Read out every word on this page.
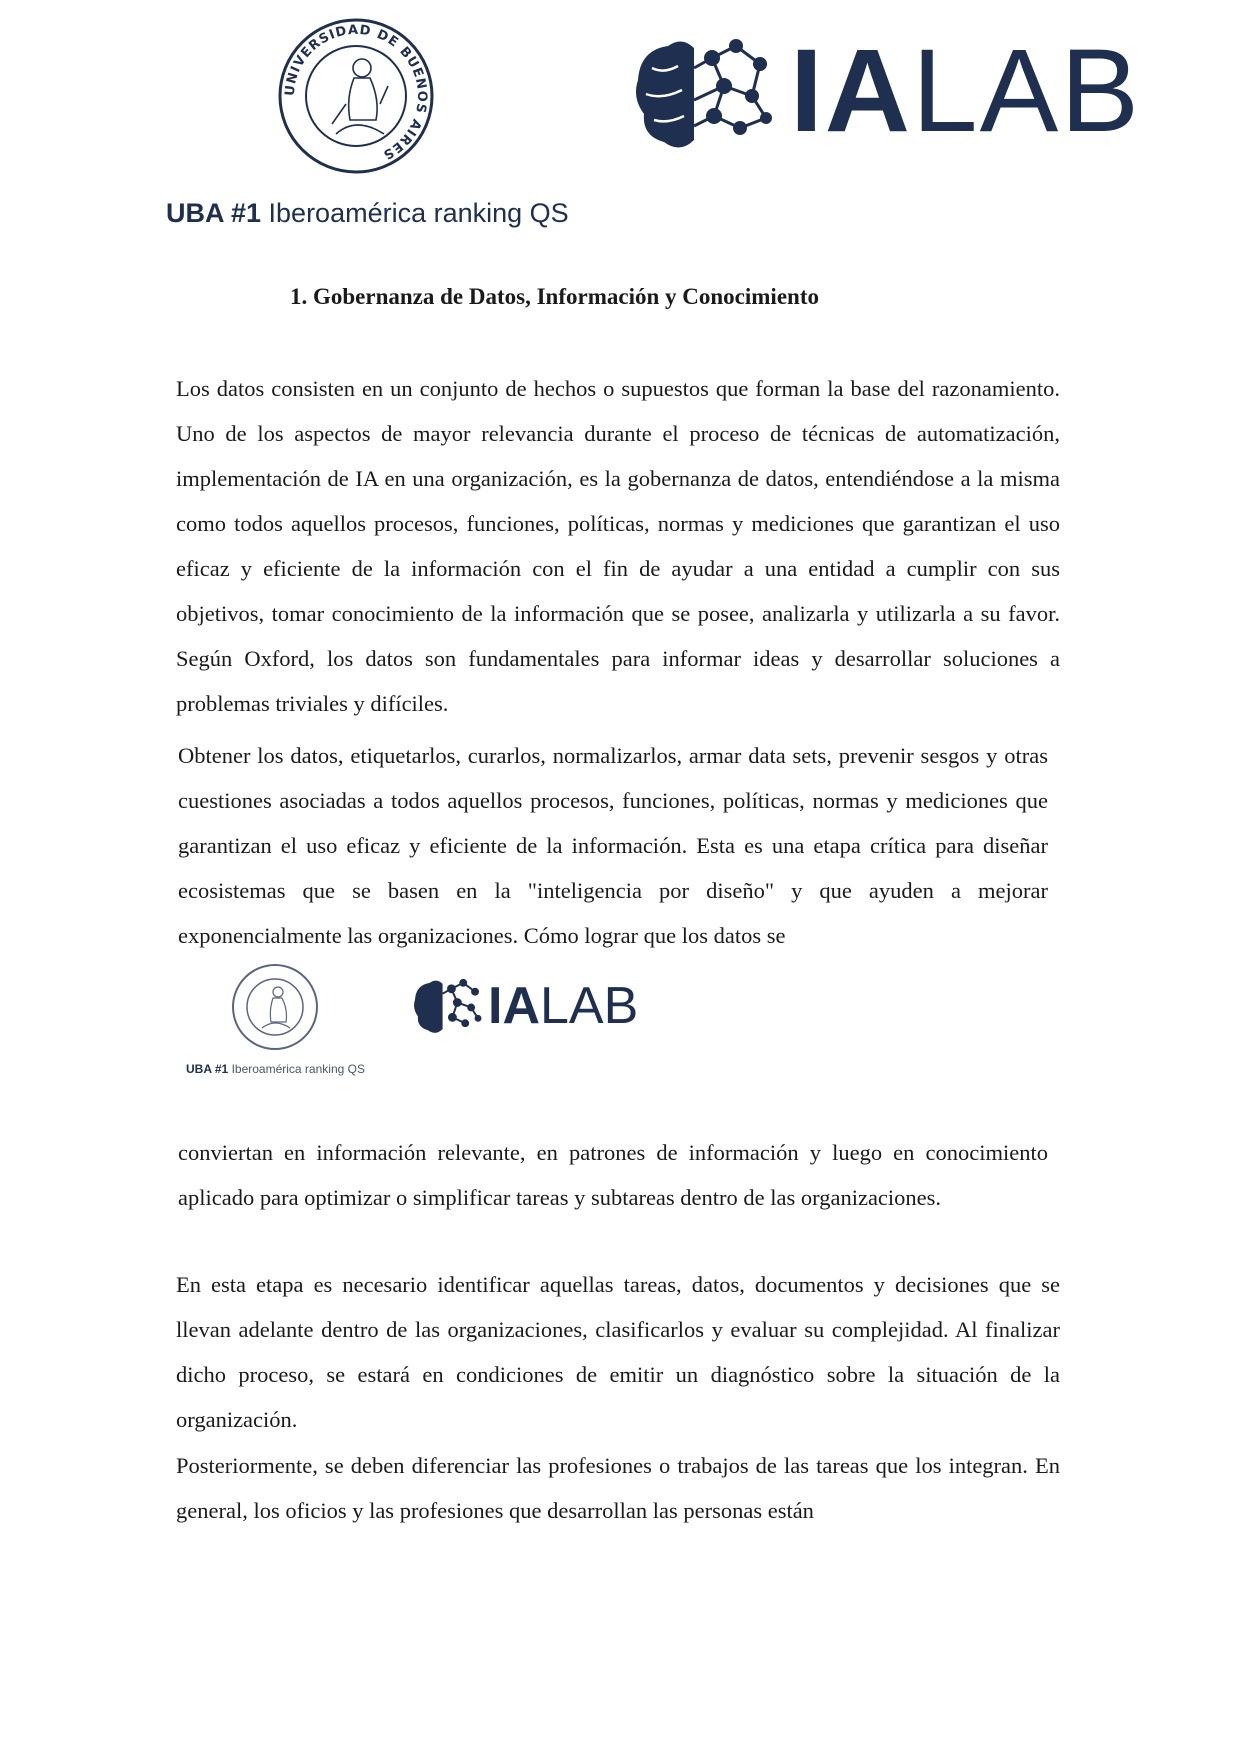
UNIVERSIDAD DE BUENOS AIRES	IALAB
UBA #1 Iberoamérica ranking QS
1. Gobernanza de Datos, Información y Conocimiento

Los datos consisten en un conjunto de hechos o supuestos que forman la base del razonamiento. Uno de los aspectos de mayor relevancia durante el proceso de técnicas de automatización, implementación de IA en una organización, es la gobernanza de datos, entendiéndose a la misma como todos aquellos procesos, funciones, políticas, normas y mediciones que garantizan el uso eficaz y eficiente de la información con el fin de ayudar a una entidad a cumplir con sus objetivos, tomar conocimiento de la información que se posee, analizarla y utilizarla a su favor. Según Oxford, los datos son fundamentales para informar ideas y desarrollar soluciones a problemas triviales y difíciles.

Obtener los datos, etiquetarlos, curarlos, normalizarlos, armar data sets, prevenir sesgos y otras cuestiones asociadas a todos aquellos procesos, funciones, políticas, normas y mediciones que garantizan el uso eficaz y eficiente de la información. Esta es una etapa crítica para diseñar ecosistemas que se basen en la "inteligencia por diseño" y que ayuden a mejorar exponencialmente las organizaciones. Cómo lograr que los datos se

IALAB
UBA #1 Iberoamérica ranking QS

conviertan en información relevante, en patrones de información y luego en conocimiento aplicado para optimizar o simplificar tareas y subtareas dentro de las organizaciones.

En esta etapa es necesario identificar aquellas tareas, datos, documentos y decisiones que se llevan adelante dentro de las organizaciones, clasificarlos y evaluar su complejidad. Al finalizar dicho proceso, se estará en condiciones de emitir un diagnóstico sobre la situación de la organización.

Posteriormente, se deben diferenciar las profesiones o trabajos de las tareas que los integran. En general, los oficios y las profesiones que desarrollan las personas están
